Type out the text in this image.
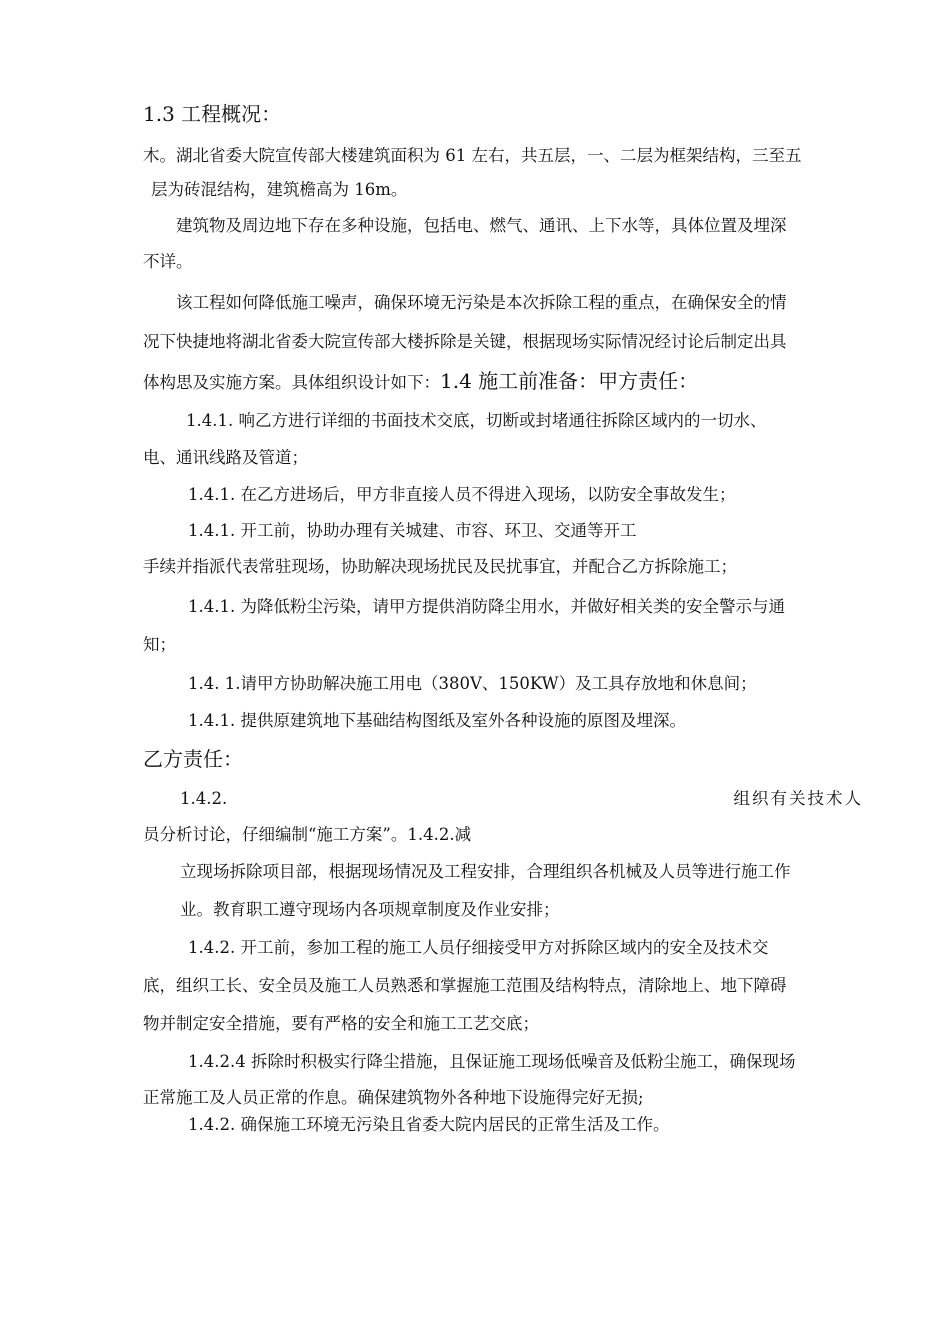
1.3 工程概况：
木。湖北省委大院宣传部大楼建筑面积为 61 左右，共五层，一、二层为框架结构，三至五
层为砖混结构，建筑檐高为 16m。
建筑物及周边地下存在多种设施，包括电、燃气、通讯、上下水等，具体位置及埋深
不详。
该工程如何降低施工噪声，确保环境无污染是本次拆除工程的重点，在确保安全的情
况下快捷地将湖北省委大院宣传部大楼拆除是关键，根据现场实际情况经讨论后制定出具
体构思及实施方案。具体组织设计如下：1.4 施工前准备：甲方责任：
1.4.1. 响乙方进行详细的书面技术交底，切断或封堵通往拆除区域内的一切水、
电、通讯线路及管道；
1.4.1. 在乙方进场后，甲方非直接人员不得进入现场，以防安全事故发生；
1.4.1. 开工前，协助办理有关城建、市容、环卫、交通等开工
手续并指派代表常驻现场，协助解决现场扰民及民扰事宜，并配合乙方拆除施工；
1.4.1. 为降低粉尘污染，请甲方提供消防降尘用水，并做好相关类的安全警示与通
知；
1.4. 1.请甲方协助解决施工用电（380V、150KW）及工具存放地和休息间；
1.4.1. 提供原建筑地下基础结构图纸及室外各种设施的原图及埋深。
乙方责任：
1.4.2.	组织有关技术人
员分析讨论，仔细编制“施工方案”。1.4.2.减
立现场拆除项目部，根据现场情况及工程安排，合理组织各机械及人员等进行施工作
业。教育职工遵守现场内各项规章制度及作业安排；
1.4.2. 开工前，参加工程的施工人员仔细接受甲方对拆除区域内的安全及技术交
底，组织工长、安全员及施工人员熟悉和掌握施工范围及结构特点，清除地上、地下障碍
物并制定安全措施，要有严格的安全和施工工艺交底；
1.4.2.4 拆除时积极实行降尘措施，且保证施工现场低噪音及低粉尘施工，确保现场
正常施工及人员正常的作息。确保建筑物外各种地下设施得完好无损;
1.4.2. 确保施工环境无污染且省委大院内居民的正常生活及工作。
